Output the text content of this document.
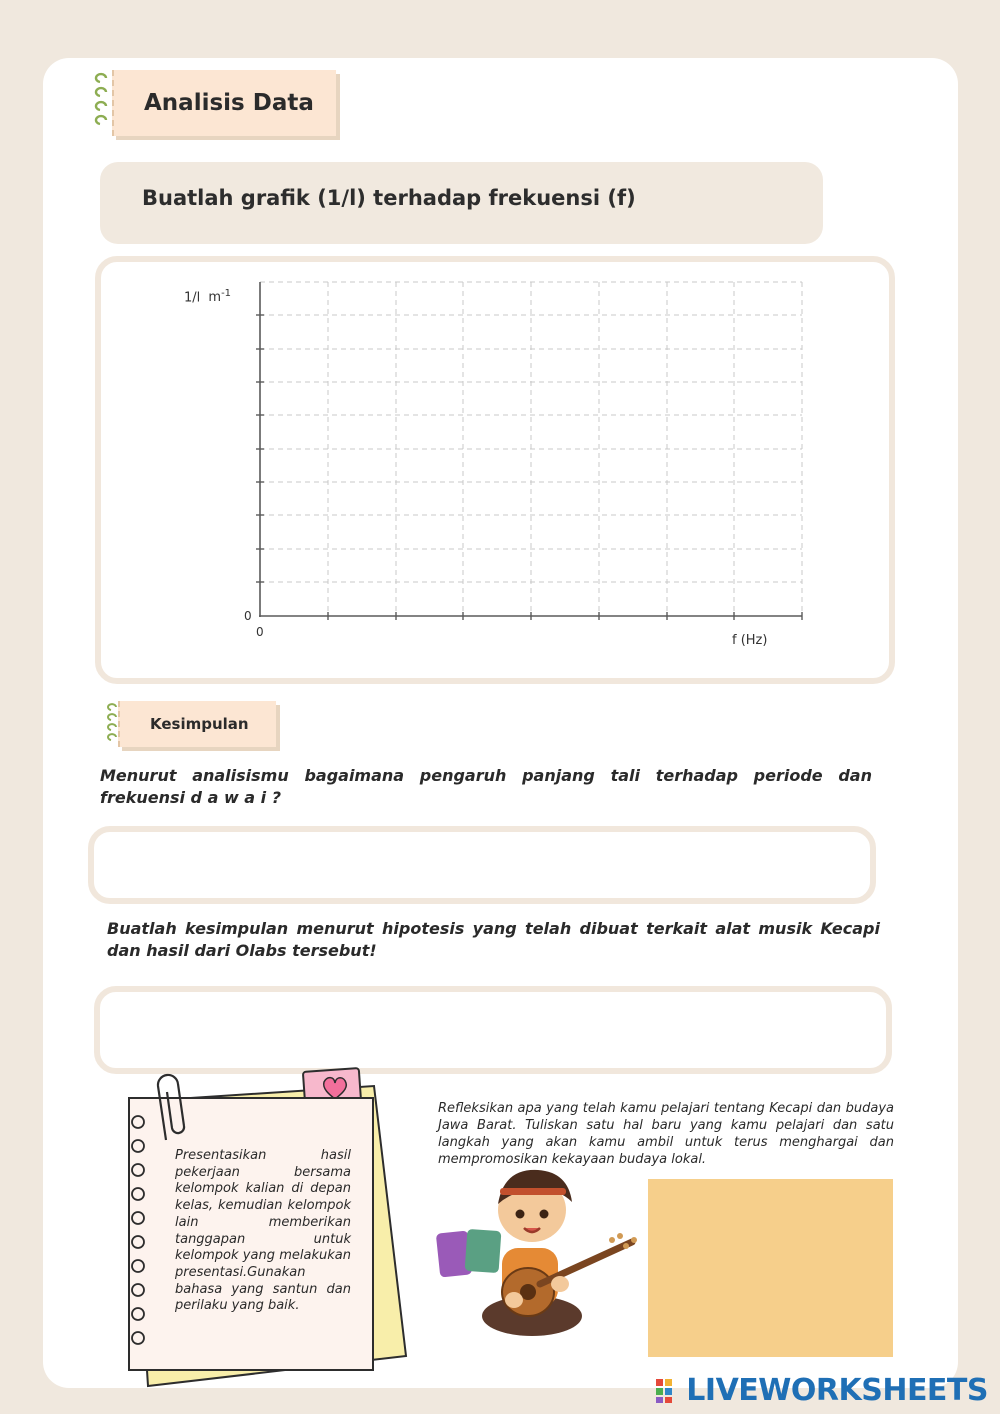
Analisis Data
Buatlah grafik (1/l) terhadap frekuensi (f)
1/l $m^{-1}$
0
0
f (Hz)
Kesimpulan
Menurut analisismu bagaimana pengaruh panjang tali terhadap periode dan frekuensi d a w a i ?
Buatlah kesimpulan menurut hipotesis yang telah dibuat terkait alat musik Kecapi dan hasil dari Olabs tersebut!
Presentasikan hasil pekerjaan bersama kelompok kalian di depan kelas, kemudian kelompok lain memberikan tanggapan untuk kelompok yang melakukan presentasi.Gunakan bahasa yang santun dan perilaku yang baik.
Refleksikan apa yang telah kamu pelajari tentang Kecapi dan budaya Jawa Barat. Tuliskan satu hal baru yang kamu pelajari dan satu langkah yang akan kamu ambil untuk terus menghargai dan mempromosikan kekayaan budaya lokal.
LIVEWORKSHEETS
